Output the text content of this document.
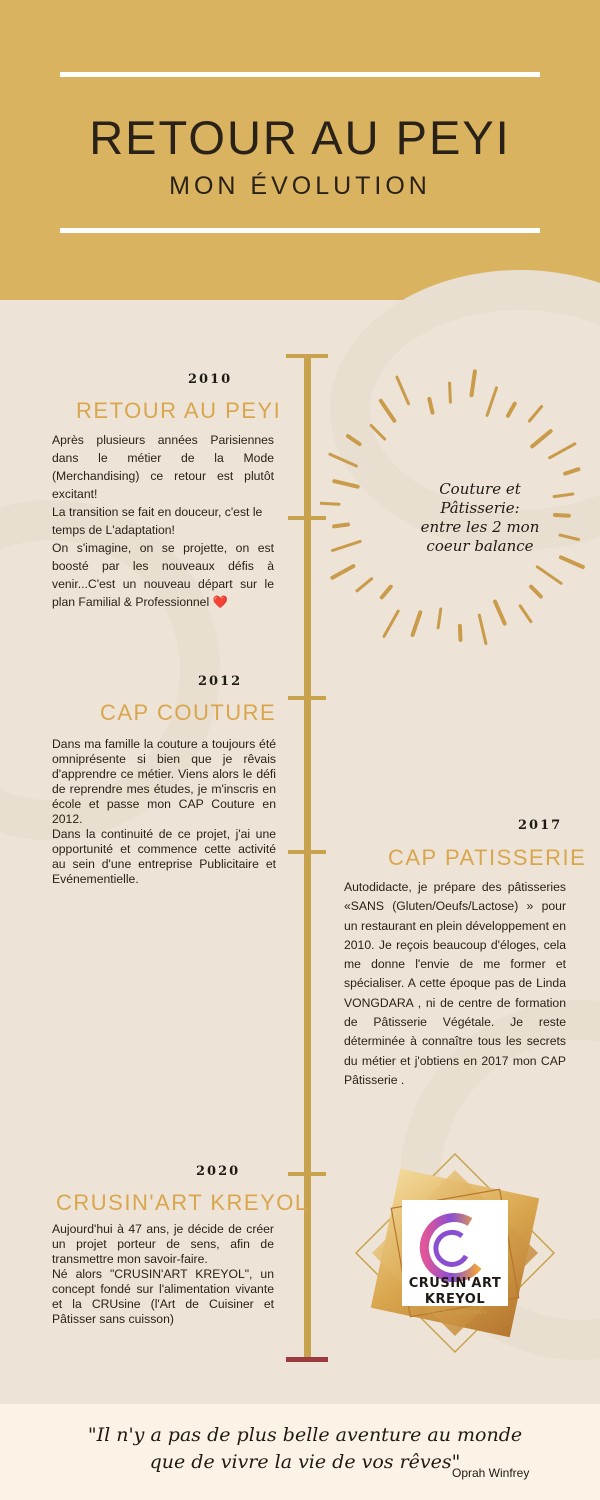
RETOUR AU PEYI
MON ÉVOLUTION
2010
RETOUR AU PEYI

Après plusieurs années Parisiennes dans le métier de la Mode (Merchandising) ce retour est plutôt excitant!

La transition se fait en douceur, c'est le temps de L'adaptation!

On s'imagine, on se projette, on est boosté par les nouveaux défis à venir...C'est un nouveau départ sur le plan Familial & Professionnel ❤️

Couture et
Pâtisserie:
entre les 2 mon
coeur balance
2012
CAP COUTURE

Dans ma famille la couture a toujours été omniprésente si bien que je rêvais d'apprendre ce métier. Viens alors le défi de reprendre mes études, je m'inscris en école et passe mon CAP Couture en 2012.

Dans la continuité de ce projet, j'ai une opportunité et commence cette activité au sein d'une entreprise Publicitaire et Evénementielle.

2017
CAP PATISSERIE

Autodidacte, je prépare des pâtisseries «SANS (Gluten/Oeufs/Lactose) » pour un restaurant en plein développement en 2010. Je reçois beaucoup d'éloges, cela me donne l'envie de me former et spécialiser. A cette époque pas de Linda VONGDARA , ni de centre de formation de Pâtisserie Végétale. Je reste déterminée à connaître tous les secrets du métier et j'obtiens en 2017 mon CAP Pâtisserie .

2020
CRUSIN'ART KREYOL

Aujourd'hui à 47 ans, je décide de créer un projet porteur de sens, afin de transmettre mon savoir-faire.

Né alors "CRUSIN'ART KREYOL", un concept fondé sur l'alimentation vivante et la CRUsine (l'Art de Cuisiner et Pâtisser sans cuisson)

CRUSIN'ART
KREYOL
RAWFOOD ARTISAN
"Il n'y a pas de plus belle aventure au monde
que de vivre la vie de vos rêves"
Oprah Winfrey
